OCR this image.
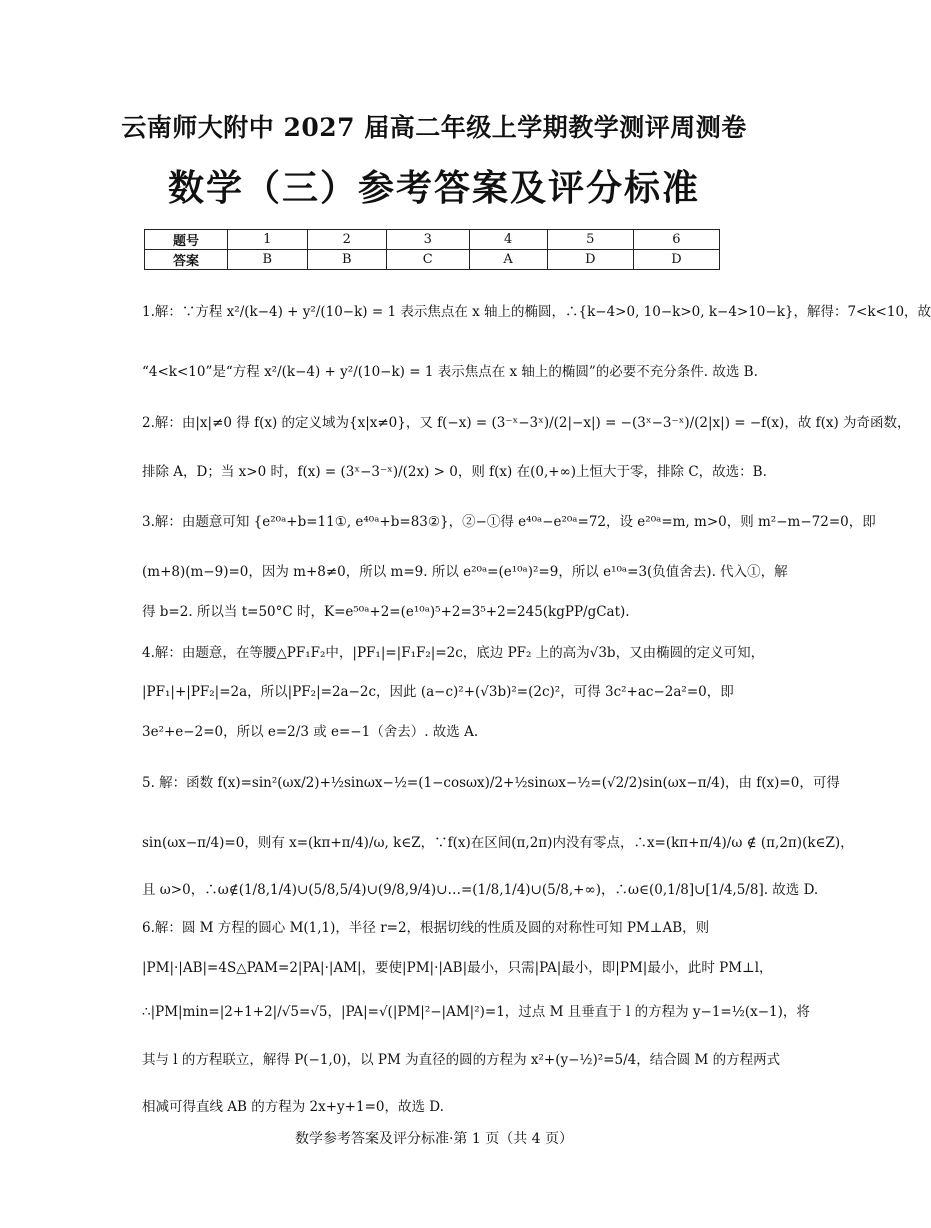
云南师大附中 2027 届高二年级上学期教学测评周测卷
数学（三）参考答案及评分标准
题号	1	2	3	4	5	6
答案	B	B	C	A	D	D
1.解：∵方程 x²/(k−4) + y²/(10−k) = 1 表示焦点在 x 轴上的椭圆，∴{k−4>0, 10−k>0, k−4>10−k}，解得：7<k<10，故
“4<k<10”是“方程 x²/(k−4) + y²/(10−k) = 1 表示焦点在 x 轴上的椭圆”的必要不充分条件. 故选 B.
2.解：由|x|≠0 得 f(x) 的定义域为{x|x≠0}，又 f(−x) = (3⁻ˣ−3ˣ)/(2|−x|) = −(3ˣ−3⁻ˣ)/(2|x|) = −f(x)，故 f(x) 为奇函数，
排除 A，D；当 x>0 时，f(x) = (3ˣ−3⁻ˣ)/(2x) > 0，则 f(x) 在(0,+∞)上恒大于零，排除 C，故选：B.
3.解：由题意可知 {e²⁰ᵃ+b=11①, e⁴⁰ᵃ+b=83②}，②−①得 e⁴⁰ᵃ−e²⁰ᵃ=72，设 e²⁰ᵃ=m, m>0，则 m²−m−72=0，即
(m+8)(m−9)=0，因为 m+8≠0，所以 m=9. 所以 e²⁰ᵃ=(e¹⁰ᵃ)²=9，所以 e¹⁰ᵃ=3(负值舍去). 代入①，解
得 b=2. 所以当 t=50°C 时，K=e⁵⁰ᵃ+2=(e¹⁰ᵃ)⁵+2=3⁵+2=245(kgPP/gCat).
4.解：由题意，在等腰△PF₁F₂中，|PF₁|=|F₁F₂|=2c，底边 PF₂ 上的高为√3b，又由椭圆的定义可知，
|PF₁|+|PF₂|=2a，所以|PF₂|=2a−2c，因此 (a−c)²+(√3b)²=(2c)²，可得 3c²+ac−2a²=0，即
3e²+e−2=0，所以 e=2/3 或 e=−1（舍去）. 故选 A.
5. 解：函数 f(x)=sin²(ωx/2)+½sinωx−½=(1−cosωx)/2+½sinωx−½=(√2/2)sin(ωx−π/4)，由 f(x)=0，可得
sin(ωx−π/4)=0，则有 x=(kπ+π/4)/ω, k∈Z，∵f(x)在区间(π,2π)内没有零点，∴x=(kπ+π/4)/ω ∉ (π,2π)(k∈Z)，
且 ω>0，∴ω∉(1/8,1/4)∪(5/8,5/4)∪(9/8,9/4)∪…=(1/8,1/4)∪(5/8,+∞)，∴ω∈(0,1/8]∪[1/4,5/8]. 故选 D.
6.解：圆 M 方程的圆心 M(1,1)，半径 r=2，根据切线的性质及圆的对称性可知 PM⊥AB，则
|PM|·|AB|=4S△PAM=2|PA|·|AM|，要使|PM|·|AB|最小，只需|PA|最小，即|PM|最小，此时 PM⊥l，
∴|PM|min=|2+1+2|/√5=√5，|PA|=√(|PM|²−|AM|²)=1，过点 M 且垂直于 l 的方程为 y−1=½(x−1)，将
其与 l 的方程联立，解得 P(−1,0)，以 PM 为直径的圆的方程为 x²+(y−½)²=5/4，结合圆 M 的方程两式
相减可得直线 AB 的方程为 2x+y+1=0，故选 D.
数学参考答案及评分标准·第 1 页（共 4 页）
